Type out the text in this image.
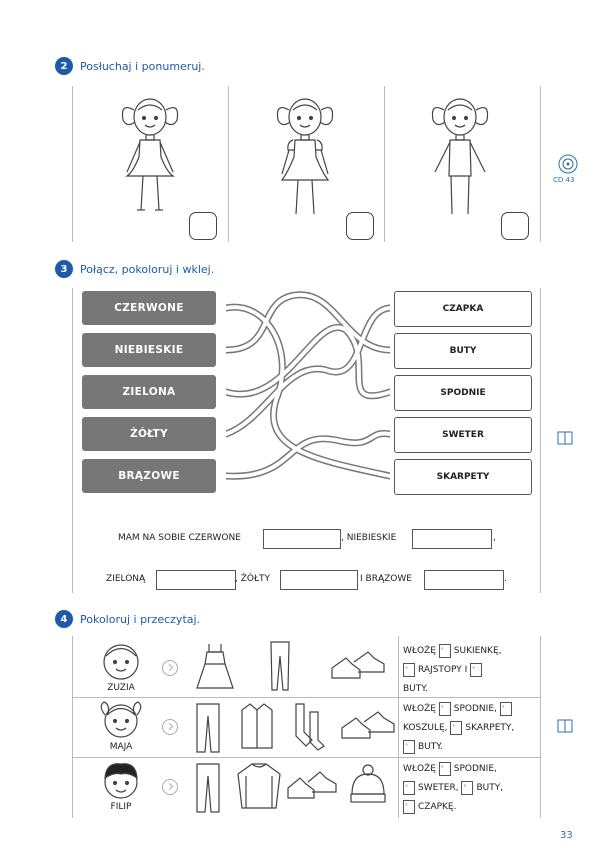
2	Posłuchaj i ponumeruj.
CD 43
3	Połącz, pokoloruj i wklej.
CZERWONE
NIEBIESKIE
ZIELONA
ŻÓŁTY
BRĄZOWE
CZAPKA
BUTY
SPODNIE
SWETER
SKARPETY
MAM NA SOBIE CZERWONE	, NIEBIESKIE	,
ZIELONĄ	, ŻÓŁTY	I BRĄZOWE	.
4	Pokoloruj i przeczytaj.
ZUZIA
WŁOŻĘ ° SUKIENKĘ,
°RAJSTOPY I °
BUTY.
MAJA
WŁOŻĘ ° SPODNIE, °
KOSZULĘ, ° SKARPETY,
°BUTY.
FILIP
WŁOŻĘ ° SPODNIE,
°SWETER, ° BUTY,
°CZAPKĘ.
33
